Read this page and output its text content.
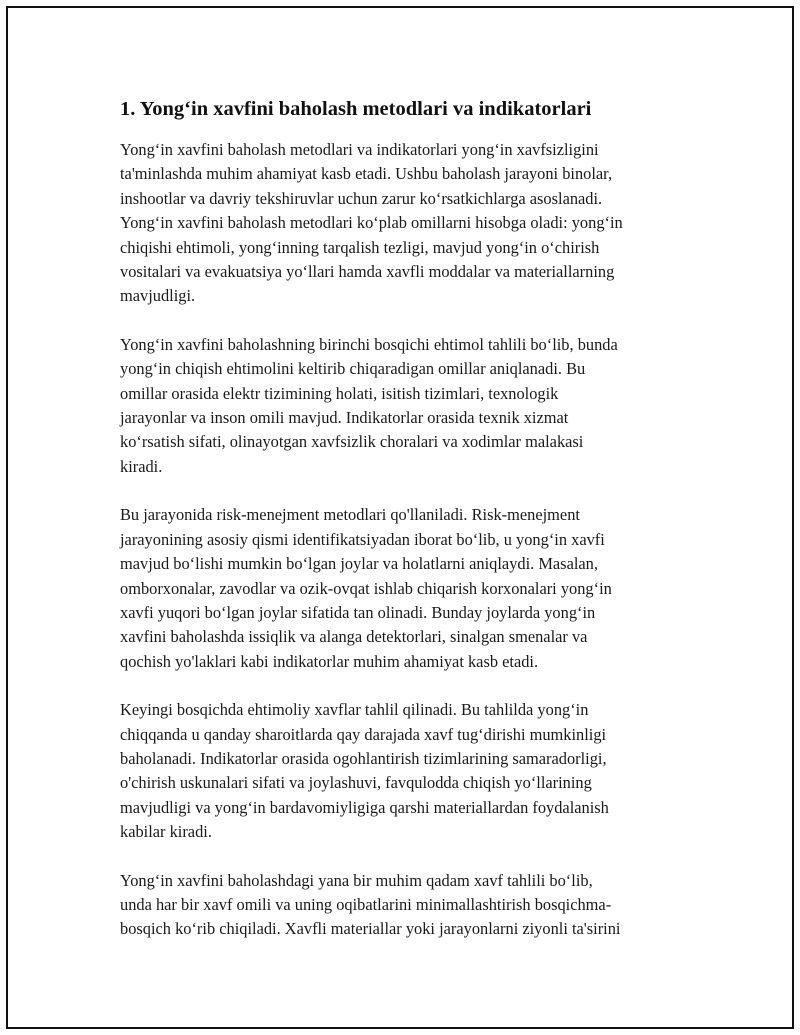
1. Yong‘in xavfini baholash metodlari va indikatorlari

Yong‘in xavfini baholash metodlari va indikatorlari yong‘in xavfsizligini
ta'minlashda muhim ahamiyat kasb etadi. Ushbu baholash jarayoni binolar,
inshootlar va davriy tekshiruvlar uchun zarur ko‘rsatkichlarga asoslanadi.
Yong‘in xavfini baholash metodlari ko‘plab omillarni hisobga oladi: yong‘in
chiqishi ehtimoli, yong‘inning tarqalish tezligi, mavjud yong‘in o‘chirish
vositalari va evakuatsiya yo‘llari hamda xavfli moddalar va materiallarning
mavjudligi.

Yong‘in xavfini baholashning birinchi bosqichi ehtimol tahlili bo‘lib, bunda
yong‘in chiqish ehtimolini keltirib chiqaradigan omillar aniqlanadi. Bu
omillar orasida elektr tizimining holati, isitish tizimlari, texnologik
jarayonlar va inson omili mavjud. Indikatorlar orasida texnik xizmat
ko‘rsatish sifati, olinayotgan xavfsizlik choralari va xodimlar malakasi
kiradi.

Bu jarayonida risk-menejment metodlari qo'llaniladi. Risk-menejment
jarayonining asosiy qismi identifikatsiyadan iborat bo‘lib, u yong‘in xavfi
mavjud bo‘lishi mumkin bo‘lgan joylar va holatlarni aniqlaydi. Masalan,
omborxonalar, zavodlar va ozik-ovqat ishlab chiqarish korxonalari yong‘in
xavfi yuqori bo‘lgan joylar sifatida tan olinadi. Bunday joylarda yong‘in
xavfini baholashda issiqlik va alanga detektorlari, sinalgan smenalar va
qochish yo'laklari kabi indikatorlar muhim ahamiyat kasb etadi.

Keyingi bosqichda ehtimoliy xavflar tahlil qilinadi. Bu tahlilda yong‘in
chiqqanda u qanday sharoitlarda qay darajada xavf tug‘dirishi mumkinligi
baholanadi. Indikatorlar orasida ogohlantirish tizimlarining samaradorligi,
o'chirish uskunalari sifati va joylashuvi, favqulodda chiqish yo‘llarining
mavjudligi va yong‘in bardavomiyligiga qarshi materiallardan foydalanish
kabilar kiradi.

Yong‘in xavfini baholashdagi yana bir muhim qadam xavf tahlili bo‘lib,
unda har bir xavf omili va uning oqibatlarini minimallashtirish bosqichma-
bosqich ko‘rib chiqiladi. Xavfli materiallar yoki jarayonlarni ziyonli ta'sirini
